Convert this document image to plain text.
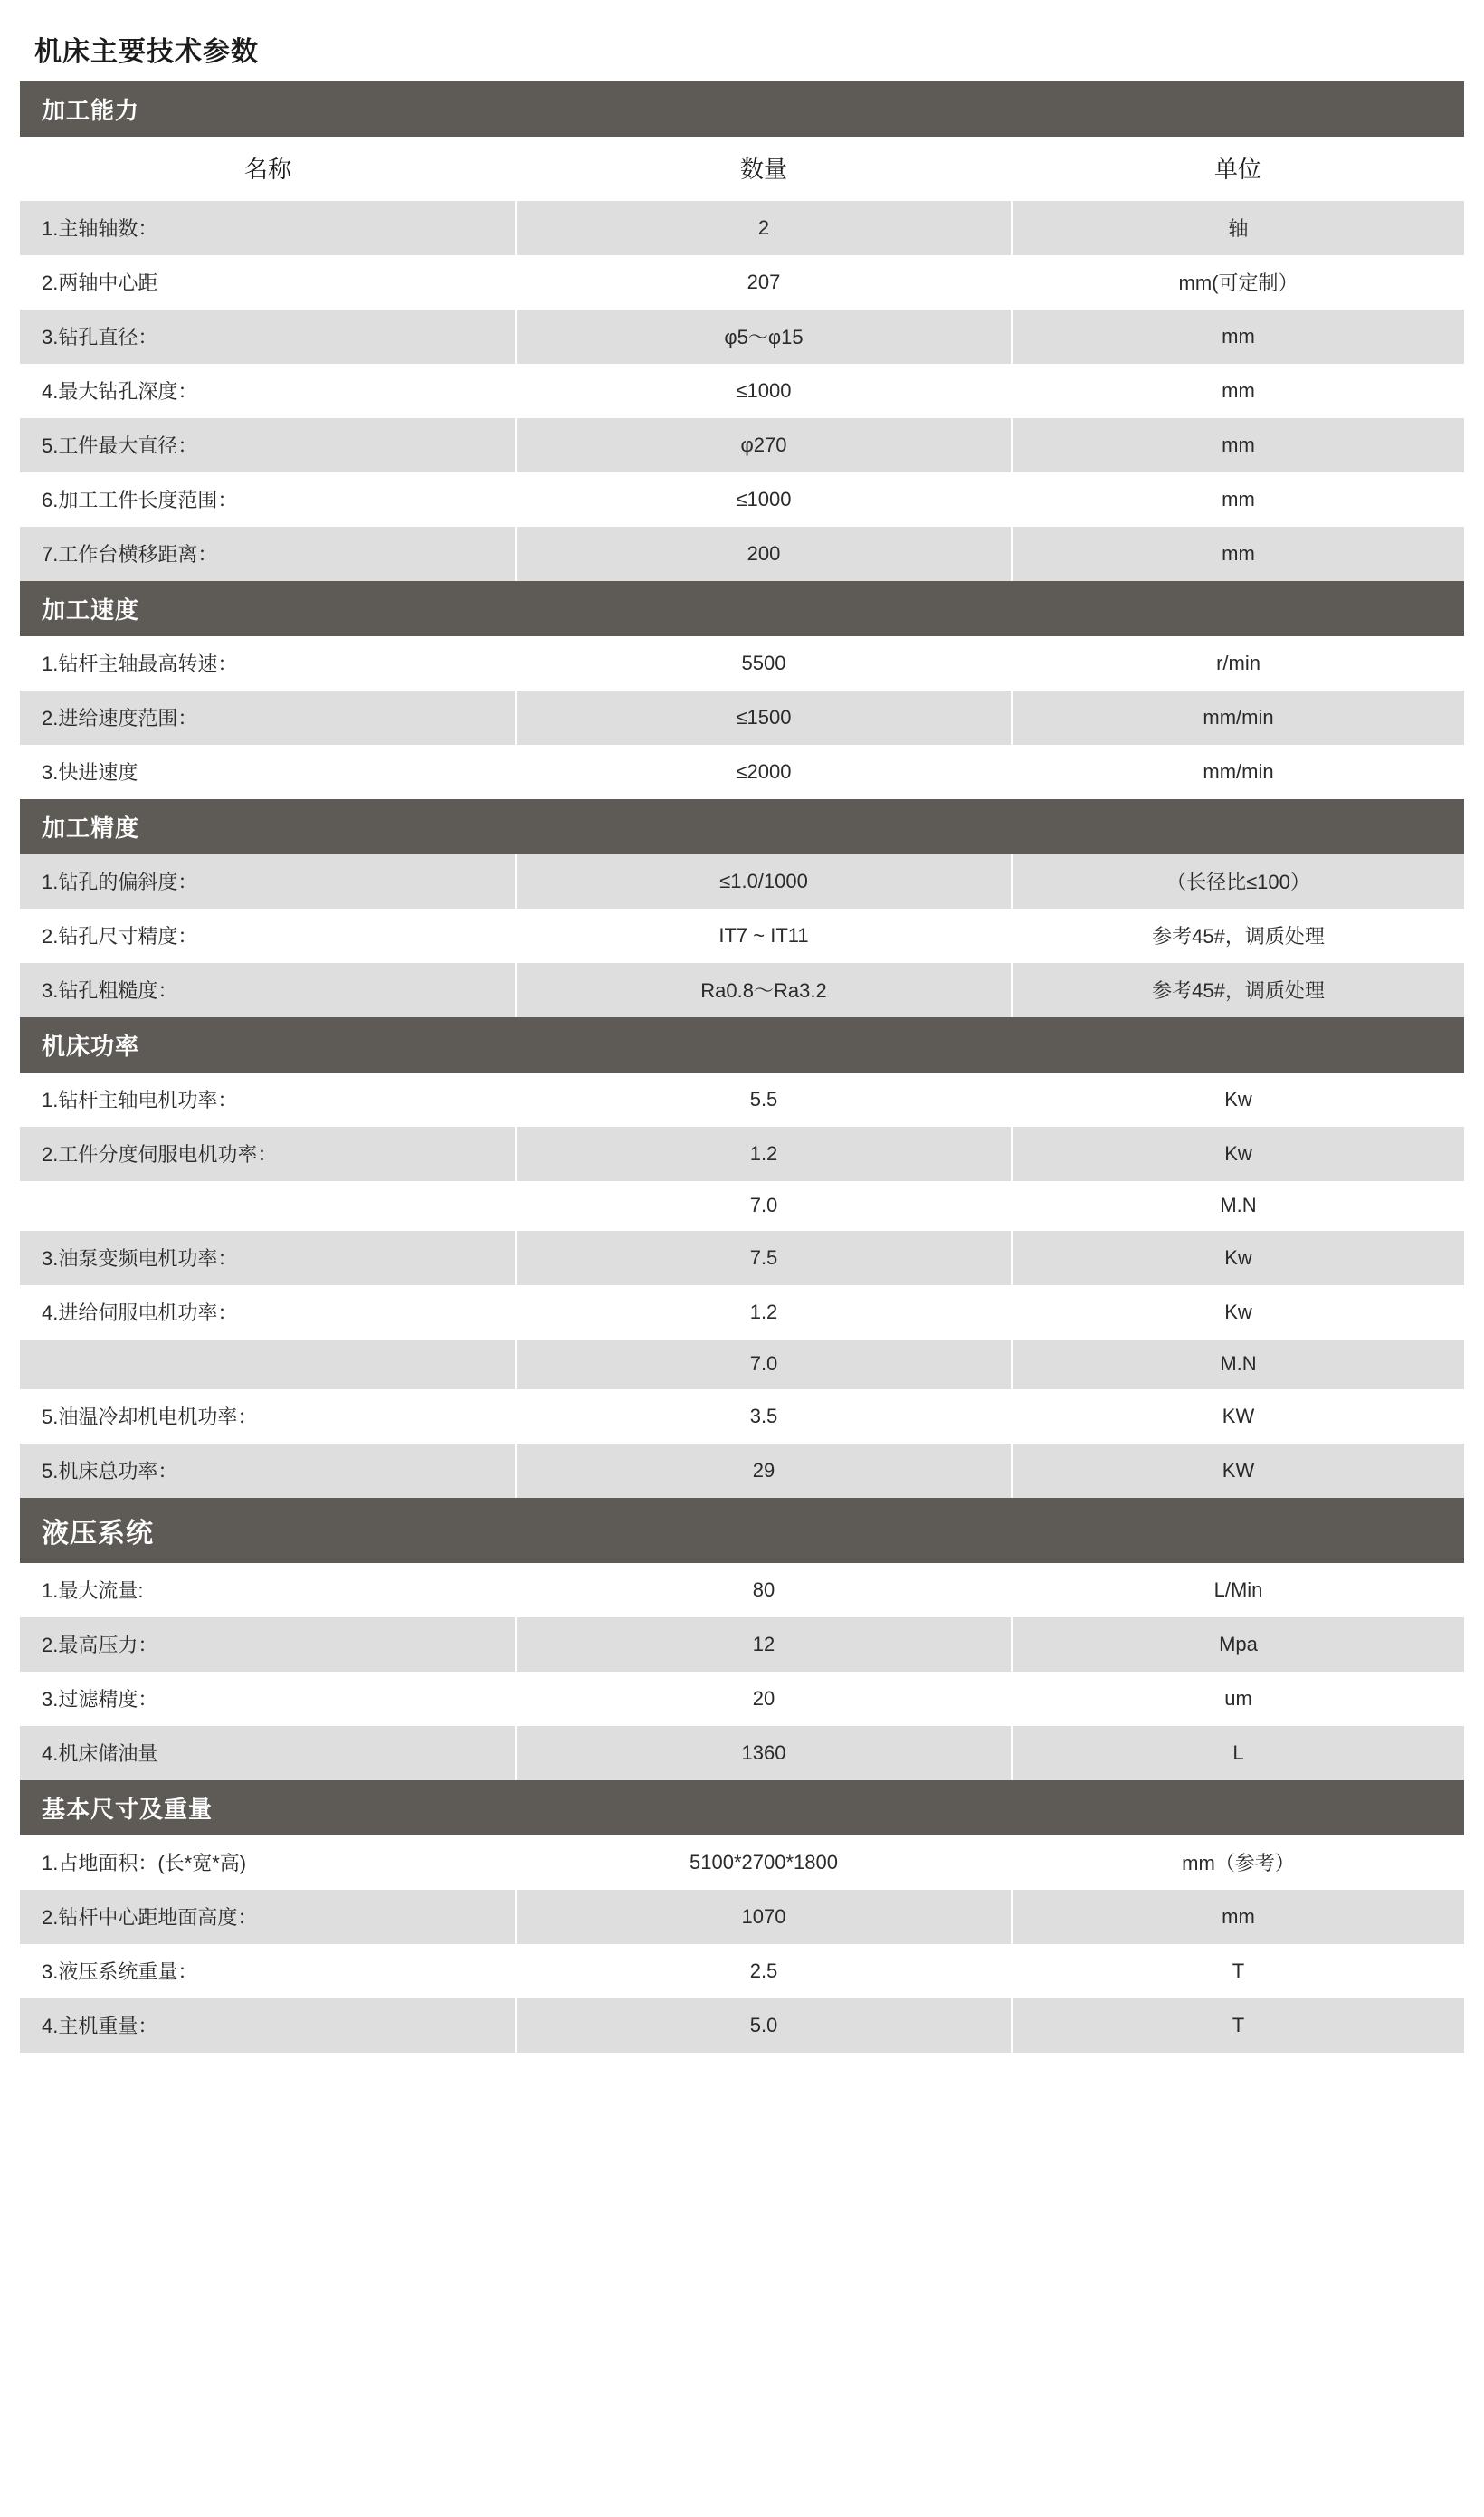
机床主要技术参数
加工能力		
名称	数量	单位
1.主轴轴数：	2	轴
2.两轴中心距	207	mm(可定制）
3.钻孔直径：	φ5～φ15	mm
4.最大钻孔深度：	≤1000	mm
5.工件最大直径：	φ270	mm
6.加工工件长度范围：	≤1000	mm
7.工作台横移距离：	200	mm
加工速度		
1.钻杆主轴最高转速：	5500	r/min
2.进给速度范围：	≤1500	mm/min
3.快进速度	≤2000	mm/min
加工精度		
1.钻孔的偏斜度：	≤1.0/1000	（长径比≤100）
2.钻孔尺寸精度：	IT7 ~ IT11	参考45#，调质处理
3.钻孔粗糙度：	Ra0.8～Ra3.2	参考45#，调质处理
机床功率		
1.钻杆主轴电机功率：	5.5	Kw
2.工件分度伺服电机功率：	1.2	Kw
	7.0	M.N
3.油泵变频电机功率：	7.5	Kw
4.进给伺服电机功率：	1.2	Kw
	7.0	M.N
5.油温冷却机电机功率：	3.5	KW
5.机床总功率：	29	KW
液压系统		
1.最大流量:	80	L/Min
2.最高压力：	12	Mpa
3.过滤精度：	20	um
4.机床储油量	1360	L
基本尺寸及重量		
1.占地面积：(长*宽*高)	5100*2700*1800	mm（参考）
2.钻杆中心距地面高度：	1070	mm
3.液压系统重量：	2.5	T
4.主机重量：	5.0	T
